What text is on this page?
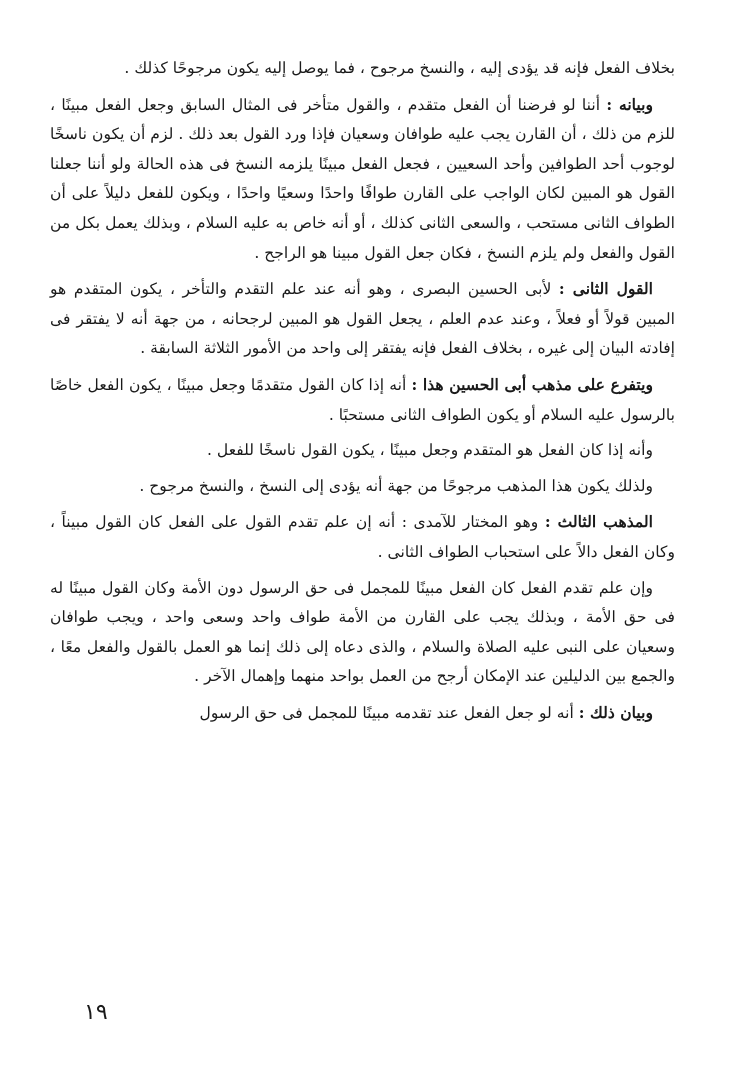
بخلاف الفعل فإنه قد يؤدى إليه ، والنسخ مرجوح ، فما يوصل إليه يكون مرجوحًا كذلك .

وبيانه : أننا لو فرضنا أن الفعل متقدم ، والقول متأخر فى المثال السابق وجعل الفعل مبينًا ، للزم من ذلك ، أن القارن يجب عليه طوافان وسعيان فإذا ورد القول بعد ذلك . لزم أن يكون ناسخًا لوجوب أحد الطوافين وأحد السعيين ، فجعل الفعل مبينًا يلزمه النسخ فى هذه الحالة ولو أننا جعلنا القول هو المبين لكان الواجب على القارن طوافًا واحدًا وسعيًا واحدًا ، ويكون للفعل دليلاً على أن الطواف الثانى مستحب ، والسعى الثانى كذلك ، أو أنه خاص به عليه السلام ، وبذلك يعمل بكل من القول والفعل ولم يلزم النسخ ، فكان جعل القول مبينا هو الراجح .

القول الثانى : لأبى الحسين البصرى ، وهو أنه عند علم التقدم والتأخر ، يكون المتقدم هو المبين قولاً أو فعلاً ، وعند عدم العلم ، يجعل القول هو المبين لرجحانه ، من جهة أنه لا يفتقر فى إفادته البيان إلى غيره ، بخلاف الفعل فإنه يفتقر إلى واحد من الأمور الثلاثة السابقة .

ويتفرع على مذهب أبى الحسين هذا : أنه إذا كان القول متقدمًا وجعل مبينًا ، يكون الفعل خاصًا بالرسول عليه السلام أو يكون الطواف الثانى مستحبًا .

وأنه إذا كان الفعل هو المتقدم وجعل مبينًا ، يكون القول ناسخًا للفعل .

ولذلك يكون هذا المذهب مرجوحًا من جهة أنه يؤدى إلى النسخ ، والنسخ مرجوح .

المذهب الثالث : وهو المختار للآمدى : أنه إن علم تقدم القول على الفعل كان القول مبيناً ، وكان الفعل دالاً على استحباب الطواف الثانى .

وإن علم تقدم الفعل كان الفعل مبينًا للمجمل فى حق الرسول دون الأمة وكان القول مبينًا له فى حق الأمة ، وبذلك يجب على القارن من الأمة طواف واحد وسعى واحد ، ويجب طوافان وسعيان على النبى عليه الصلاة والسلام ، والذى دعاه إلى ذلك إنما هو العمل بالقول والفعل معًا ، والجمع بين الدليلين عند الإمكان أرجح من العمل بواحد منهما وإهمال الآخر .

وبيان ذلك : أنه لو جعل الفعل عند تقدمه مبينًا للمجمل فى حق الرسول

١٩
